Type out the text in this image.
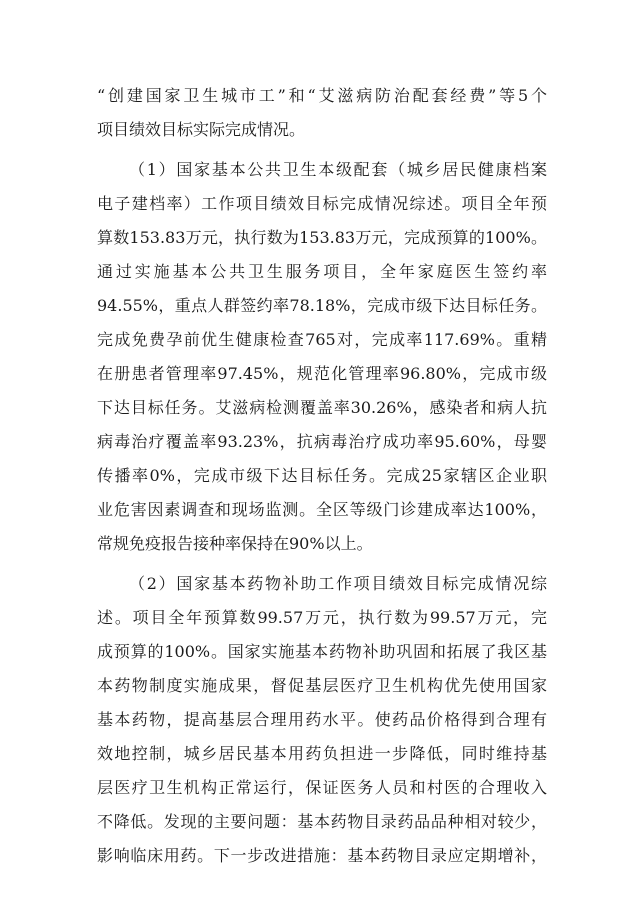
“创建国家卫生城市工”和“艾滋病防治配套经费”等5个
项目绩效目标实际完成情况。
（1）国家基本公共卫生本级配套（城乡居民健康档案
电子建档率）工作项目绩效目标完成情况综述。项目全年预
算数153.83万元，执行数为153.83万元，完成预算的100%。
通过实施基本公共卫生服务项目，全年家庭医生签约率
94.55%，重点人群签约率78.18%，完成市级下达目标任务。
完成免费孕前优生健康检查765对，完成率117.69%。重精
在册患者管理率97.45%，规范化管理率96.80%，完成市级
下达目标任务。艾滋病检测覆盖率30.26%，感染者和病人抗
病毒治疗覆盖率93.23%，抗病毒治疗成功率95.60%，母婴
传播率0%，完成市级下达目标任务。完成25家辖区企业职
业危害因素调查和现场监测。全区等级门诊建成率达100%，
常规免疫报告接种率保持在90%以上。
（2）国家基本药物补助工作项目绩效目标完成情况综
述。项目全年预算数99.57万元，执行数为99.57万元，完
成预算的100%。国家实施基本药物补助巩固和拓展了我区基
本药物制度实施成果，督促基层医疗卫生机构优先使用国家
基本药物，提高基层合理用药水平。使药品价格得到合理有
效地控制，城乡居民基本用药负担进一步降低，同时维持基
层医疗卫生机构正常运行，保证医务人员和村医的合理收入
不降低。发现的主要问题：基本药物目录药品品种相对较少，
影响临床用药。下一步改进措施：基本药物目录应定期增补，
